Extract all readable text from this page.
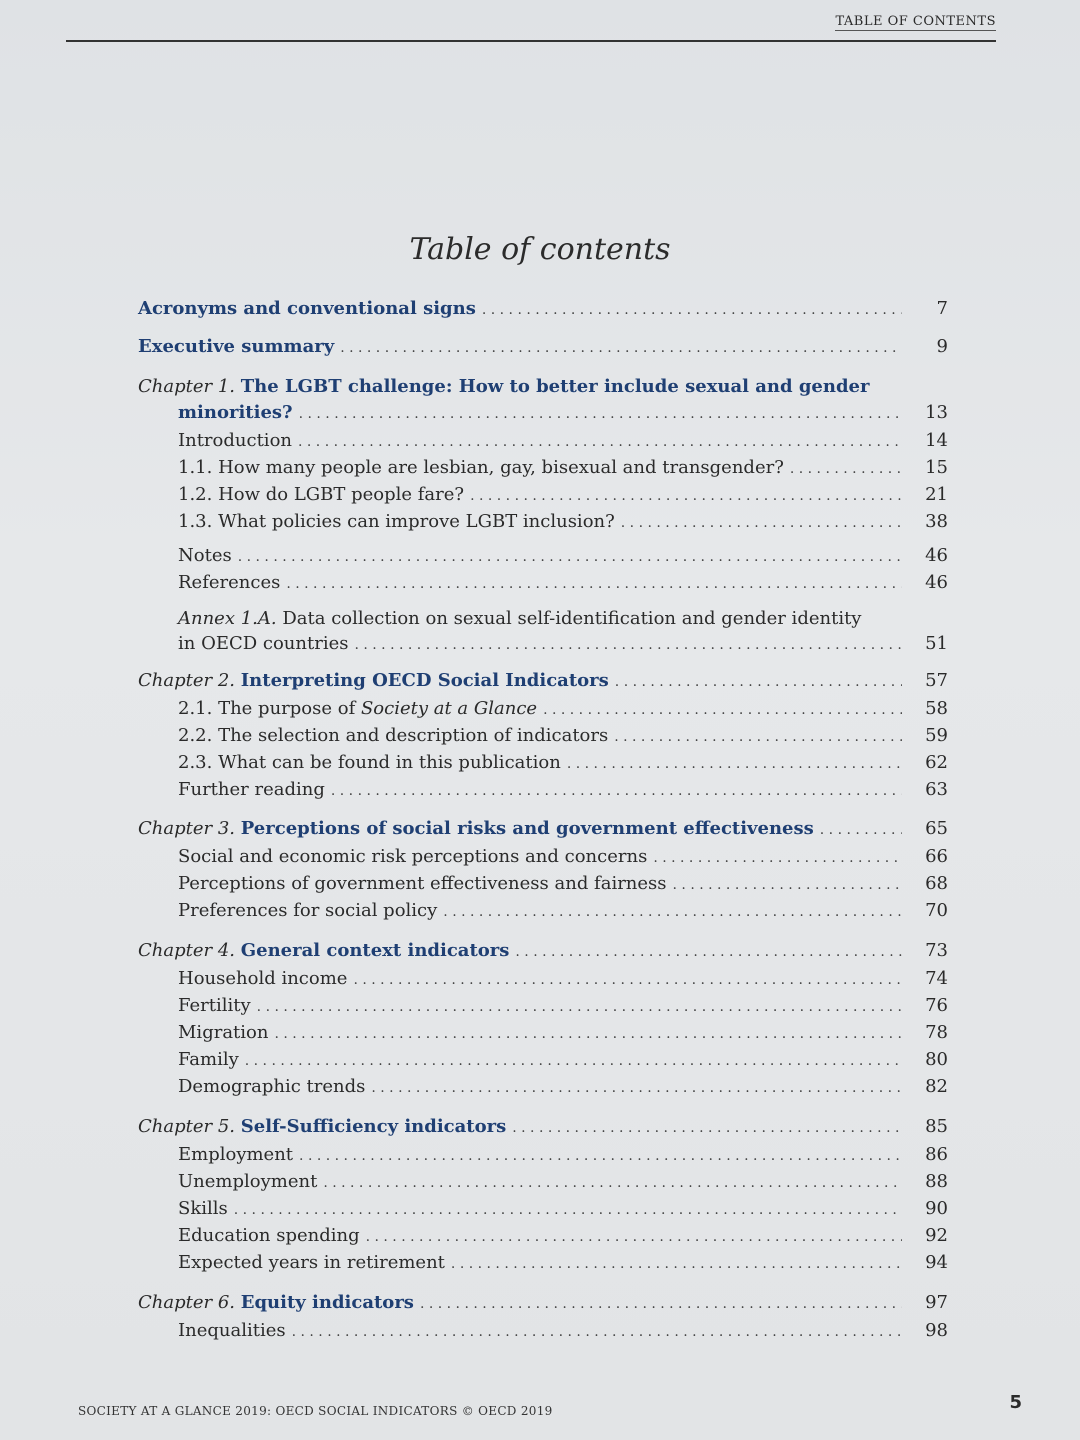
TABLE OF CONTENTS
Table of contents
Acronyms and conventional signs . . .	7
Executive summary . . .	9
Chapter 1. The LGBT challenge: How to better include sexual and gender
minorities? . . .	13
Introduction . . .	14
1.1. How many people are lesbian, gay, bisexual and transgender? . . .	15
1.2. How do LGBT people fare? . . .	21
1.3. What policies can improve LGBT inclusion? . . .	38
Notes . . .	46
References . . .	46
Annex 1.A. Data collection on sexual self-identification and gender identity
in OECD countries . . .	51
Chapter 2. Interpreting OECD Social Indicators . . .	57
2.1. The purpose of Society at a Glance . . .	58
2.2. The selection and description of indicators . . .	59
2.3. What can be found in this publication . . .	62
Further reading . . .	63
Chapter 3. Perceptions of social risks and government effectiveness . . .	65
Social and economic risk perceptions and concerns . . .	66
Perceptions of government effectiveness and fairness . . .	68
Preferences for social policy . . .	70
Chapter 4. General context indicators . . .	73
Household income . . .	74
Fertility . . .	76
Migration . . .	78
Family . . .	80
Demographic trends . . .	82
Chapter 5. Self-Sufficiency indicators . . .	85
Employment . . .	86
Unemployment . . .	88
Skills . . .	90
Education spending . . .	92
Expected years in retirement . . .	94
Chapter 6. Equity indicators . . .	97
Inequalities . . .	98
SOCIETY AT A GLANCE 2019: OECD SOCIAL INDICATORS © OECD 2019	5
